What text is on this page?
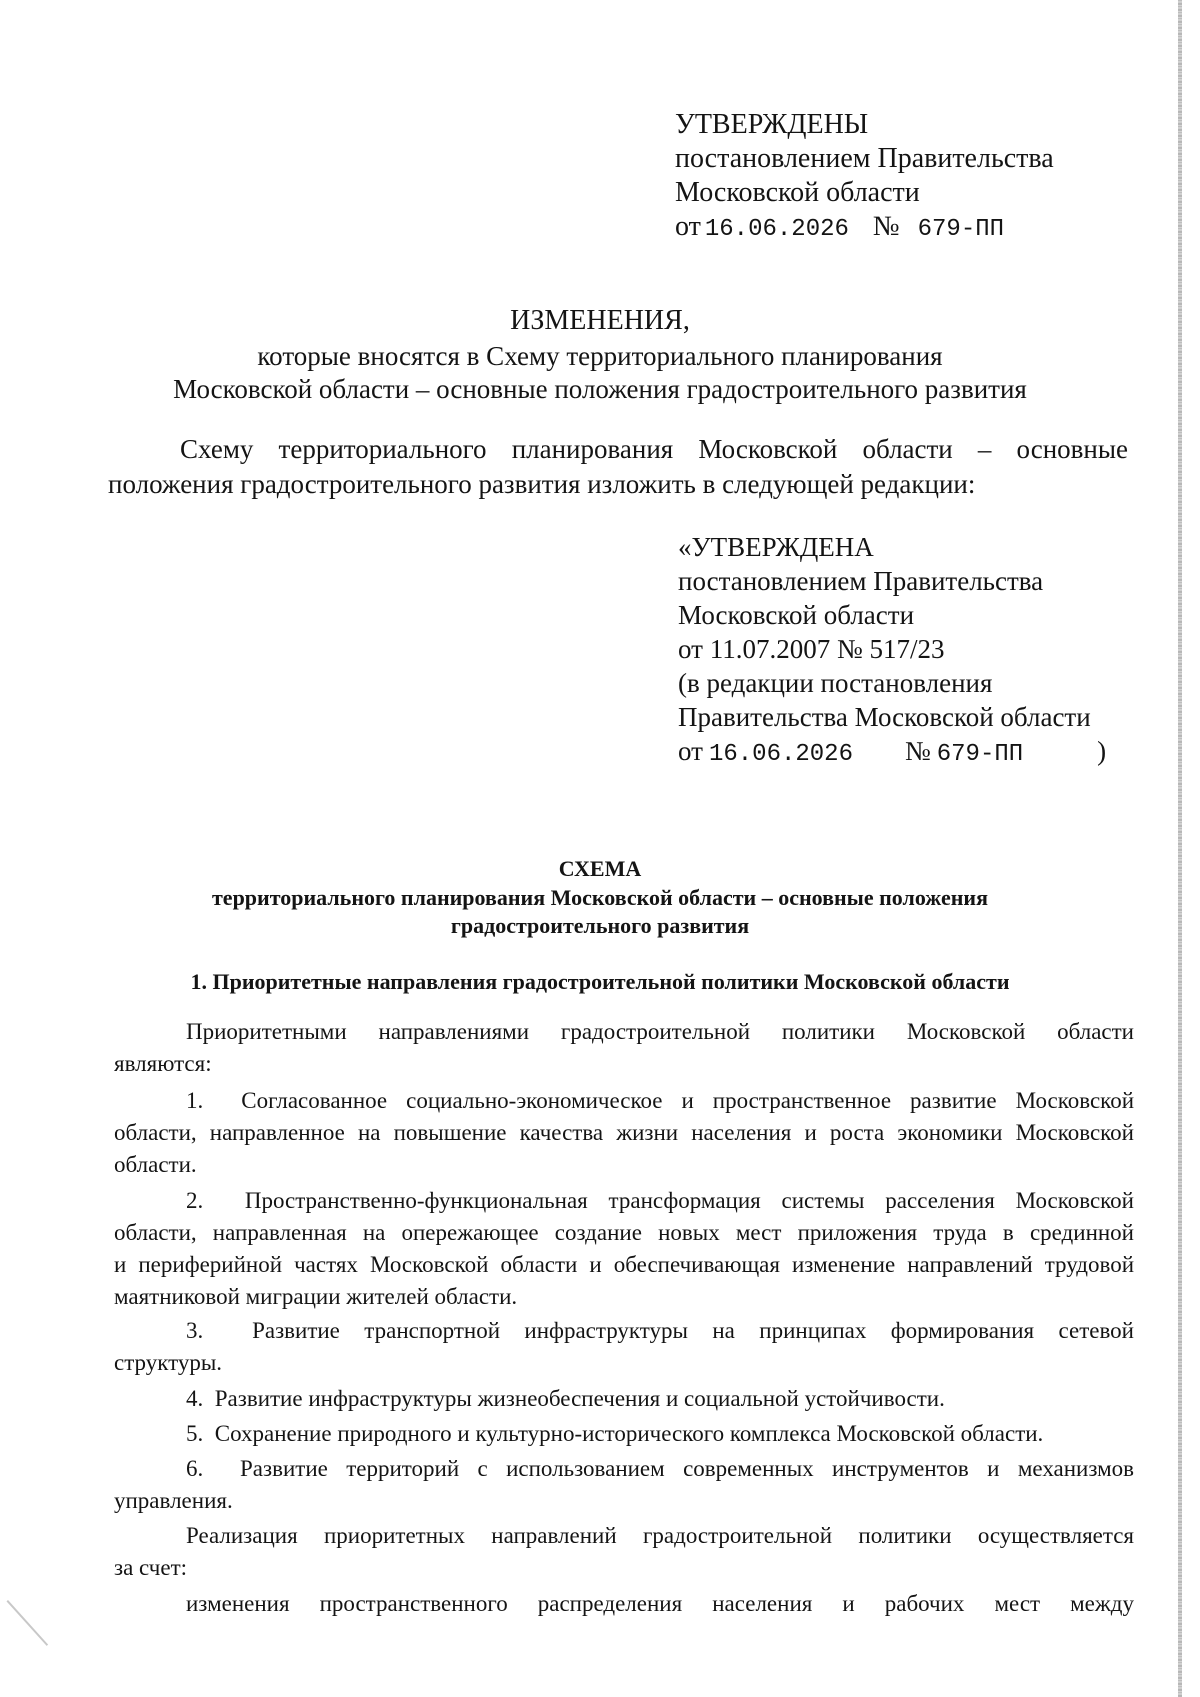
УТВЕРЖДЕНЫ
постановлением Правительства
Московской области
от 16.06.2026 № 679-ПП
ИЗМЕНЕНИЯ,
которые вносятся в Схему территориального планирования
Московской области – основные положения градостроительного развития
Схему территориального планирования Московской области – основные
положения градостроительного развития изложить в следующей редакции:
«УТВЕРЖДЕНА
постановлением Правительства
Московской области
от 11.07.2007 № 517/23
(в редакции постановления
Правительства Московской области
от 16.06.2026 № 679-ПП	)
СХЕМА
территориального планирования Московской области – основные положения
градостроительного развития
1. Приоритетные направления градостроительной политики Московской области
Приоритетными направлениями градостроительной политики Московской области
являются:
1. Согласованное социально-экономическое и пространственное развитие Московской
области, направленное на повышение качества жизни населения и роста экономики Московской
области.
2. Пространственно-функциональная трансформация системы расселения Московской
области, направленная на опережающее создание новых мест приложения труда в срединной
и периферийной частях Московской области и обеспечивающая изменение направлений трудовой
маятниковой миграции жителей области.
3. Развитие транспортной инфраструктуры на принципах формирования сетевой
структуры.
4. Развитие инфраструктуры жизнеобеспечения и социальной устойчивости.
5. Сохранение природного и культурно-исторического комплекса Московской области.
6. Развитие территорий с использованием современных инструментов и механизмов
управления.
Реализация приоритетных направлений градостроительной политики осуществляется
за счет:
изменения пространственного распределения населения и рабочих мест между
